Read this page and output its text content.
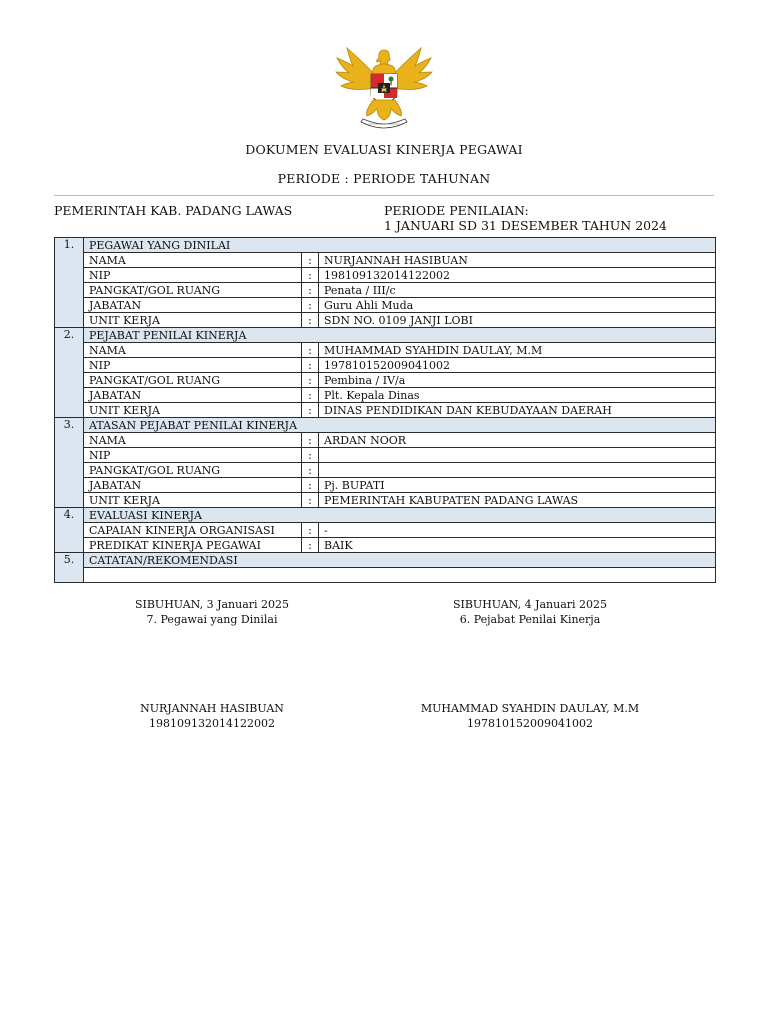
DOKUMEN EVALUASI KINERJA PEGAWAI
PERIODE : PERIODE TAHUNAN
PEMERINTAH KAB. PADANG LAWAS	PERIODE PENILAIAN:
1 JANUARI SD 31 DESEMBER TAHUN 2024
1.	PEGAWAI YANG DINILAI		
	NAMA	:	NURJANNAH HASIBUAN
	NIP	:	198109132014122002
	PANGKAT/GOL RUANG	:	Penata / III/c
	JABATAN	:	Guru Ahli Muda
	UNIT KERJA	:	SDN NO. 0109 JANJI LOBI
2.	PEJABAT PENILAI KINERJA		
	NAMA	:	MUHAMMAD SYAHDIN DAULAY, M.M
	NIP	:	197810152009041002
	PANGKAT/GOL RUANG	:	Pembina / IV/a
	JABATAN	:	Plt. Kepala Dinas
	UNIT KERJA	:	DINAS PENDIDIKAN DAN KEBUDAYAAN DAERAH
3.	ATASAN PEJABAT PENILAI KINERJA		
	NAMA	:	ARDAN NOOR
	NIP	:	
	PANGKAT/GOL RUANG	:	
	JABATAN	:	Pj. BUPATI
	UNIT KERJA	:	PEMERINTAH KABUPATEN PADANG LAWAS
4.	EVALUASI KINERJA		
	CAPAIAN KINERJA ORGANISASI	:	-
	PREDIKAT KINERJA PEGAWAI	:	BAIK
5.	CATATAN/REKOMENDASI		

SIBUHUAN, 3 Januari 2025
7. Pegawai yang Dinilai
SIBUHUAN, 4 Januari 2025
6. Pejabat Penilai Kinerja
NURJANNAH HASIBUAN
198109132014122002
MUHAMMAD SYAHDIN DAULAY, M.M
197810152009041002
